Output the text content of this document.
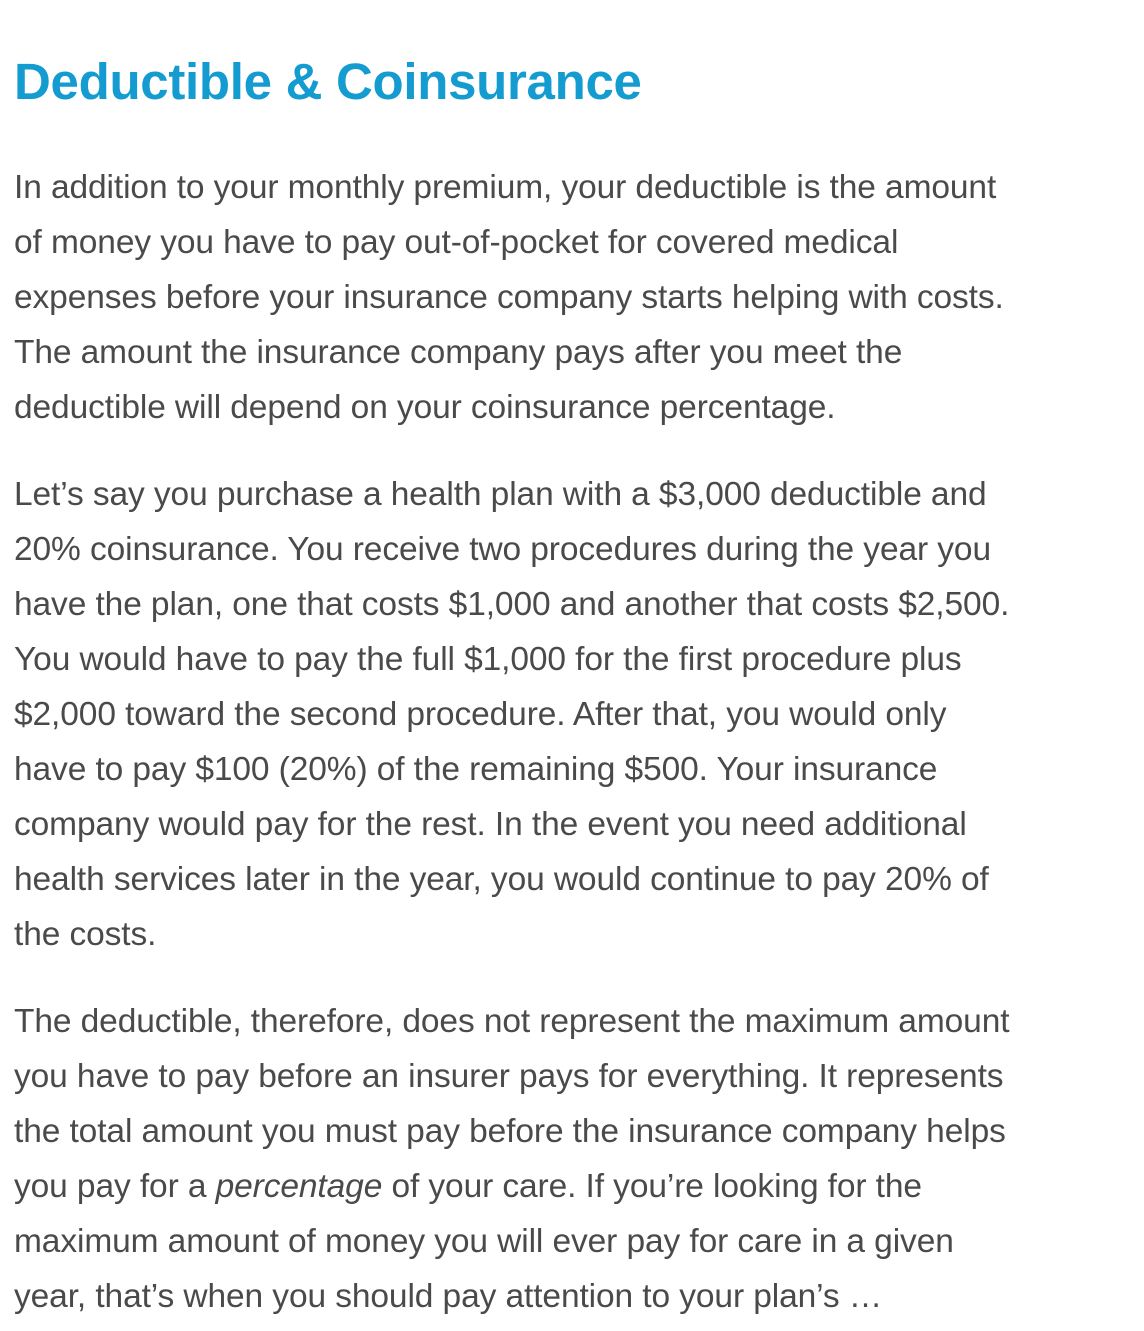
Deductible & Coinsurance

In addition to your monthly premium, your deductible is the amount
of money you have to pay out-of-pocket for covered medical
expenses before your insurance company starts helping with costs.
The amount the insurance company pays after you meet the
deductible will depend on your coinsurance percentage.

Let’s say you purchase a health plan with a $3,000 deductible and
20% coinsurance. You receive two procedures during the year you
have the plan, one that costs $1,000 and another that costs $2,500.
You would have to pay the full $1,000 for the first procedure plus
$2,000 toward the second procedure. After that, you would only
have to pay $100 (20%) of the remaining $500. Your insurance
company would pay for the rest. In the event you need additional
health services later in the year, you would continue to pay 20% of
the costs.

The deductible, therefore, does not represent the maximum amount
you have to pay before an insurer pays for everything. It represents
the total amount you must pay before the insurance company helps
you pay for a percentage of your care. If you’re looking for the
maximum amount of money you will ever pay for care in a given
year, that’s when you should pay attention to your plan’s …
